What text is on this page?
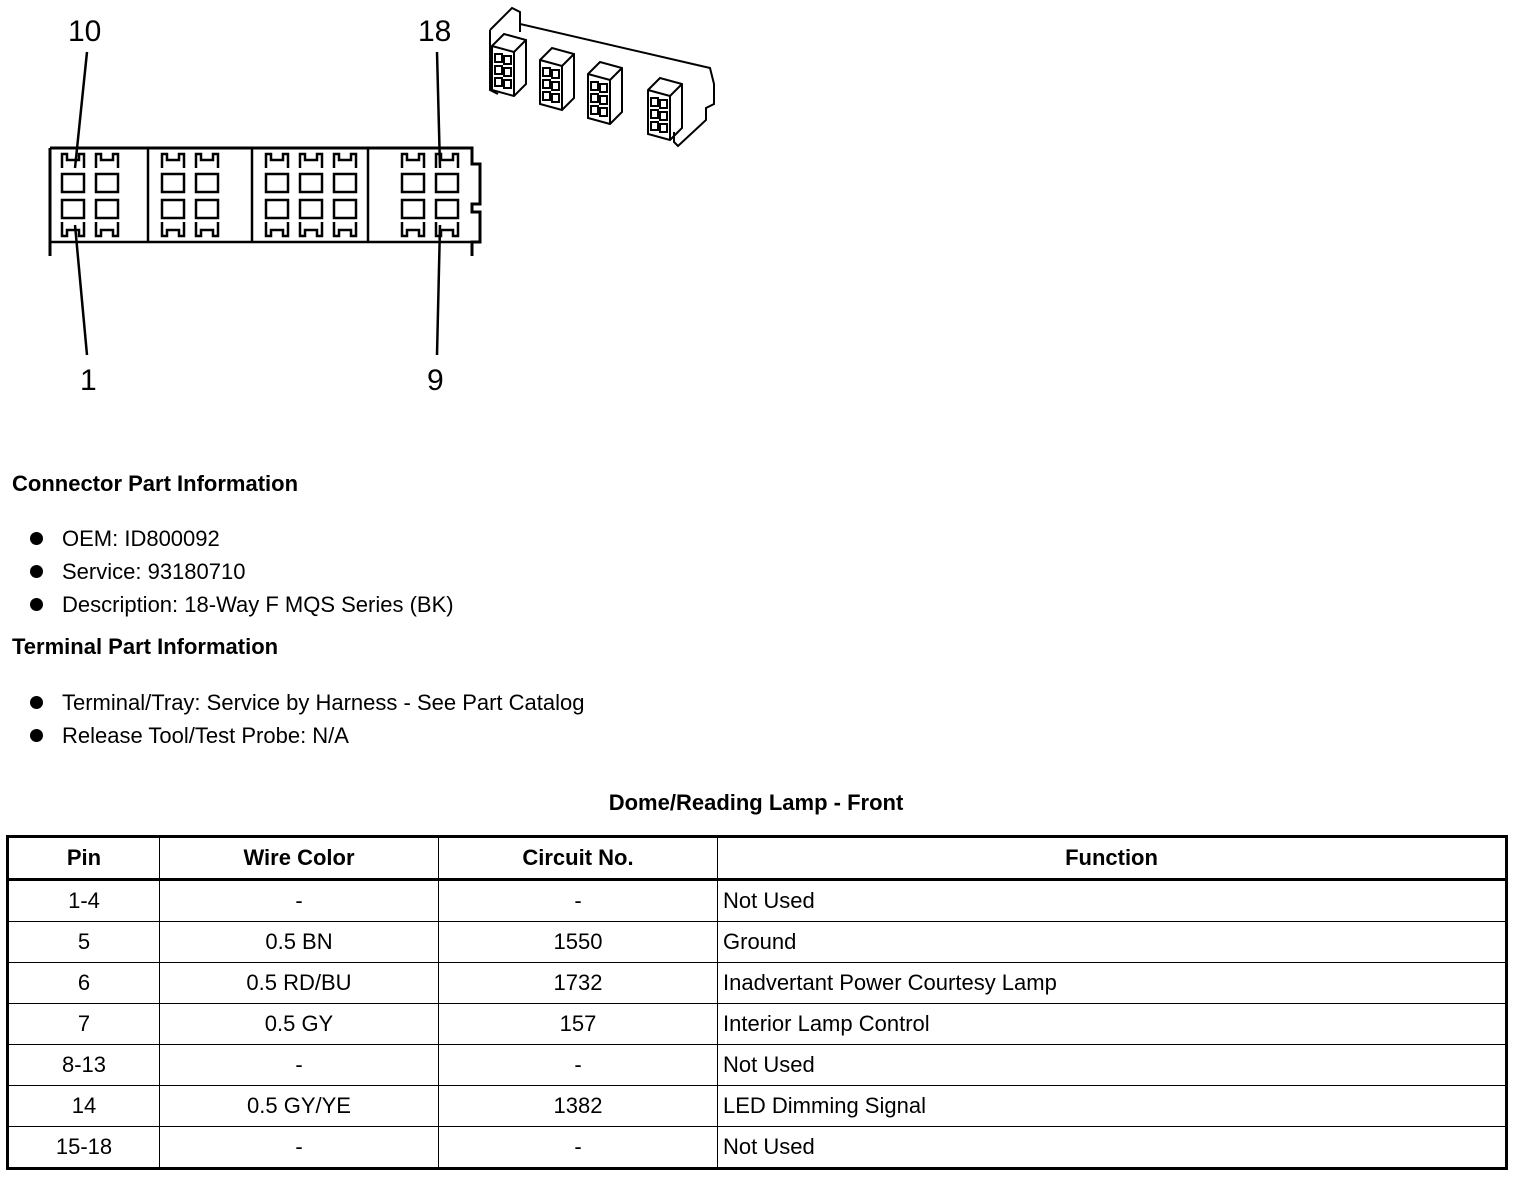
10	18
1	9
Connector Part Information
OEM: ID800092
Service: 93180710
Description: 18-Way F MQS Series (BK)
Terminal Part Information
Terminal/Tray: Service by Harness - See Part Catalog
Release Tool/Test Probe: N/A
Dome/Reading Lamp - Front
Pin	Wire Color	Circuit No.	Function
1-4	-	-	Not Used
5	0.5 BN	1550	Ground
6	0.5 RD/BU	1732	Inadvertant Power Courtesy Lamp
7	0.5 GY	157	Interior Lamp Control
8-13	-	-	Not Used
14	0.5 GY/YE	1382	LED Dimming Signal
15-18	-	-	Not Used
